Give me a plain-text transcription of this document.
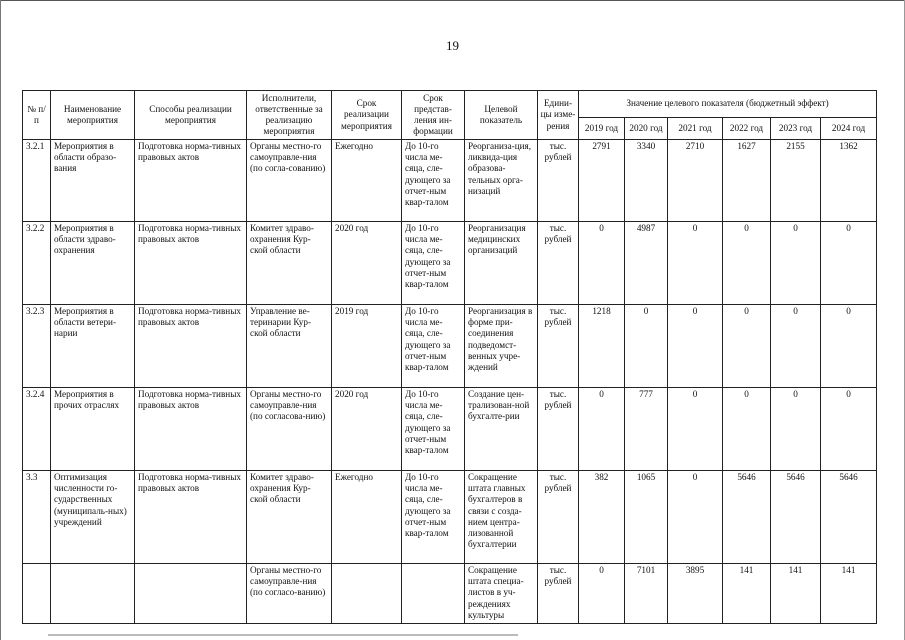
19
№ п/п	Наименование мероприятия	Способы реализации мероприятия	Исполнители, ответственные за реализацию мероприятия	Срок реализации мероприятия	Срок представ-ления ин-формации	Целевой показатель	Едини-цы изме-рения	Значение целевого показателя (бюджетный эффект)					
								2019 год	2020 год	2021 год	2022 год	2023 год	2024 год
3.2.1	Мероприятия в области образо-вания	Подготовка норма-тивных правовых актов	Органы местно-го самоуправле-ния (по согла-сованию)	Ежегодно	До 10-го числа ме-сяца, сле-дующего за отчет-ным квар-талом	Реорганиза-ция, ликвида-ция образова-тельных орга-низаций	тыс. рублей	2791	3340	2710	1627	2155	1362
3.2.2	Мероприятия в области здраво-охранения	Подготовка норма-тивных правовых актов	Комитет здраво-охранения Кур-ской области	2020 год	До 10-го числа ме-сяца, сле-дующего за отчет-ным квар-талом	Реорганизация медицинских организаций	тыс. рублей	0	4987	0	0	0	0
3.2.3	Мероприятия в области ветери-нарии	Подготовка норма-тивных правовых актов	Управление ве-теринарии Кур-ской области	2019 год	До 10-го числа ме-сяца, сле-дующего за отчет-ным квар-талом	Реорганизация в форме при-соединения подведомст-венных учре-ждений	тыс. рублей	1218	0	0	0	0	0
3.2.4	Мероприятия в прочих отраслях	Подготовка норма-тивных правовых актов	Органы местно-го самоуправле-ния (по согласова-нию)	2020 год	До 10-го числа ме-сяца, сле-дующего за отчет-ным квар-талом	Создание цен-трализован-ной бухгалте-рии	тыс. рублей	0	777	0	0	0	0
3.3	Оптимизация численности го-сударственных (муниципаль-ных) учреждений	Подготовка норма-тивных правовых актов	Комитет здраво-охранения Кур-ской области	Ежегодно	До 10-го числа ме-сяца, сле-дующего за отчет-ным квар-талом	Сокращение штата главных бухгалтеров в связи с созда-нием центра-лизованной бухгалтерии	тыс. рублей	382	1065	0	5646	5646	5646
			Органы местно-го самоуправле-ния (по согласо-ванию)			Сокращение штата специа-листов в уч-реждениях культуры	тыс. рублей	0	7101	3895	141	141	141
